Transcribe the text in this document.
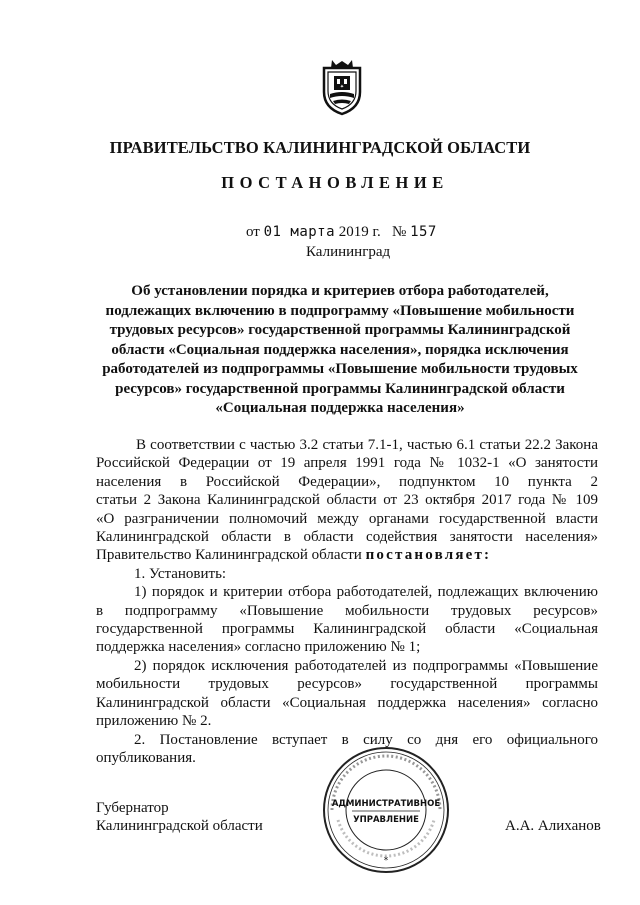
✦
ПРАВИТЕЛЬСТВО КАЛИНИНГРАДСКОЙ ОБЛАСТИ
ПОСТАНОВЛЕНИЕ
от 01 марта 2019 г. № 157
Калининград
Об установлении порядка и критериев отбора работодателей,
подлежащих включению в подпрограмму «Повышение мобильности
трудовых ресурсов» государственной программы Калининградской
области «Социальная поддержка населения», порядка исключения
работодателей из подпрограммы «Повышение мобильности трудовых
ресурсов» государственной программы Калининградской области
«Социальная поддержка населения»
В соответствии с частью 3.2 статьи 7.1-1, частью 6.1 статьи 22.2 Закона
Российской Федерации от 19 апреля 1991 года № 1032-1 «О занятости
населения в Российской Федерации», подпунктом 10 пункта 2
статьи 2 Закона Калининградской области от 23 октября 2017 года № 109
«О разграничении полномочий между органами государственной власти
Калининградской области в области содействия занятости населения»
Правительство Калининградской области постановляет:
1. Установить:
1) порядок и критерии отбора работодателей, подлежащих включению
в подпрограмму «Повышение мобильности трудовых ресурсов»
государственной программы Калининградской области «Социальная
поддержка населения» согласно приложению № 1;
2) порядок исключения работодателей из подпрограммы «Повышение
мобильности трудовых ресурсов» государственной программы
Калининградской области «Социальная поддержка населения» согласно
приложению № 2.
2. Постановление вступает в силу со дня его официального
опубликования.
АДМИНИСТРАТИВНОЕ
УПРАВЛЕНИЕ
*
Губернатор
Калининградской области	А.А. Алиханов
